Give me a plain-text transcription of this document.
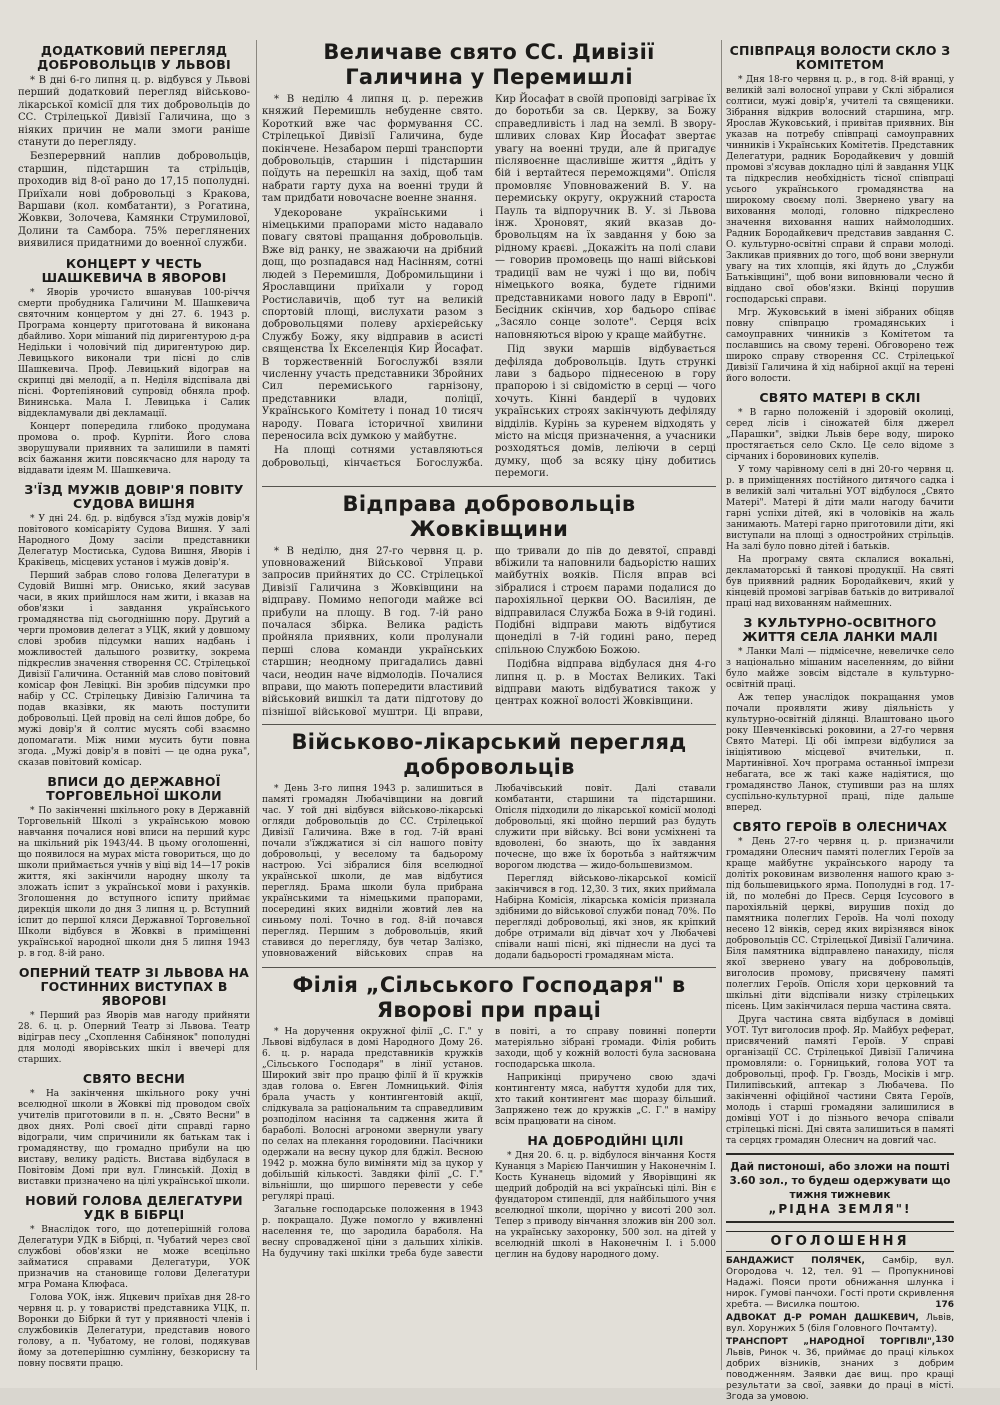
ДОДАТКОВИЙ ПЕРЕГЛЯД ДОБРОВОЛЬЦІВ У ЛЬВОВІ

* В дні 6-го липня ц. р. відбувся у Львові перший додатковий перегляд військово-лікарської комісії для тих добровольців до СС. Стрілецької Дивізії Галичина, що з ніяких причин не мали змоги раніше станути до перегляду.

Безперервний наплив добровольців, старшин, підстаршин та стрільців, проходив від 8-ої рано до 17,15 пополудні. Приїхали нові добровольці з Кракова, Варшави (кол. комбатанти), з Рогатина, Жовкви, Золочева, Камянки Струмилової, Долини та Самбора. 75% переглянених виявилися придатними до военної служби.

КОНЦЕРТ У ЧЕСТЬ ШАШКЕВИЧА В ЯВОРОВІ

* Яворів урочисто вшанував 100-річчя смерти пробудника Галичини М. Шашкевича святочним концертом у дні 27. 6. 1943 р. Програма концерту приготована й виконана дбайливо. Хори мішаний під диригентурою д-ра Недільки і чоловічий під диригентурою дир. Левицького виконали три пісні до слів Шашкевича. Проф. Левицький відограв на скрипці дві мелодії, а п. Неділя відспівала дві пісні. Фортепіяновий супровід обняла проф. Вининська. Мала І. Левицька і Салик віддекламували дві декламації.

Концерт попередила глибоко продумана промова о. проф. Курпіти. Його слова зворушували приявних та залишили в памяті всіх бажання жити повсякчасно для народу та віддавати ідеям М. Шашкевича.

З'ЇЗД МУЖІВ ДОВІР'Я ПОВІТУ СУДОВА ВИШНЯ

* У дні 24. 6д. р. відбувся з'їзд мужів довір'я повітового комісаріяту Судова Вишня. У залі Народного Дому засіли представники Делегатур Мостиська, Судова Вишня, Яворів і Краківець, місцевих установ і мужів довір'я.

Перший забрав слово голова Делегатури в Судовій Вишні мгр. Онисько, який засував часи, в яких прийшлося нам жити, і вказав на обов'язки і завдання українського громадянства під сьогоднішню пору. Другий а черги промовив делегат з УЦК, який у довшому слові зробив підсумки наших надбань і можливостей дальшого розвитку, зокрема підкреслив значення створення СС. Стрілецької Дивізії Галичина. Останній мав слово повітовий комісар фон Левіцкі. Він зробив підсумки про набір у СС. Стрілецьку Дивізію Галичина та подав вказівки, як мають поступити добровольці. Цей провід на селі йшов добре, бо мужі довір'я й солтис мусять собі взаємно допомагати. Між ними мусить бути повна згода. „Мужі довір'я в повіті — це одна рука", сказав повітовий комісар.

ВПИСИ ДО ДЕРЖАВНОЇ ТОРГОВЕЛЬНОЇ ШКОЛИ

* По закінченні шкільного року в Державній Торговельній Школі з українською мовою навчання почалися нові вписи на перший курс на шкільний рік 1943/44. В цьому оголошенні, що появилося на мурах міста говориться, що до школи приймається учнів у віці від 14—17 років життя, які закінчили народну школу та зложать іспит з української мови і рахунків. Зголошення до вступного іспиту приймає дирекція школи до дня 3 липня ц. р. Вступний іспит до першої кляси Державної Торговельної Школи відбувся в Жовкві в приміщенні української народної школи дня 5 липня 1943 р. в год. 8-ій рано.

ОПЕРНИЙ ТЕАТР ЗІ ЛЬВОВА НА ГОСТИННИХ ВИСТУПАХ В ЯВОРОВІ

* Перший раз Яворів мав нагоду прийняти 28. 6. ц. р. Оперний Театр зі Львова. Театр відіграв песу „Схоплення Сабінянок" пополудні для молоді яворівських шкіл і ввечері для старших.

СВЯТО ВЕСНИ

* На закінчення шкільного року учні вселюдної школи в Жовкві під проводом своїх учителів приготовили в п. н. „Свято Весни" в двох днях. Ролі своєї діти справді гарно відограли, чим спричинили як батькам так і громадянству, що громадно прибули на цю виставу, велику радість. Вистава відбулася в Повітовім Домі при вул. Глинській. Дохід в виставки призначено на цілі української школи.

НОВИЙ ГОЛОВА ДЕЛЕГАТУРИ УДК В БІБРЦІ

* Внаслідок того, що дотеперішній голова Делегатури УДК в Бібрці, п. Чубатий через свої службові обов'язки не може всецільно займатися справами Делегатури, УОК призначив на становище голови Делегатури мгра Романа Клюфаса.

Голова УОК, інж. Яцкевич приїхав дня 28-го червня ц. р. у товаристві представника УЦК, п. Воронки до Бібрки й тут у приявності членів і службовиків Делегатури, представив нового голову, а п. Чубатому, не голові, подякував йому за дотеперішню сумлінну, безкорисну та повну посвяти працю.

Величаве свято СС. Дивізії Галичина у Перемишлі

* В неділю 4 липня ц. р. пережив княжий Перемишль небуденне свято. Короткий вже час формування СС. Стрілецької Дивізії Галичина, буде покінчене. Незабаром перші транспорти добровольців, старшин і підстаршин поїдуть на перешкіл на захід, щоб там набрати гарту духа на военні труди й там придбати новочасне военне знання.

Удекороване українськими і німецькими прапорами місто надавало повагу святові пращання добровольців. Вже від ранку, не зважаючи на дрібний дощ, що розпадався над Насінням, сотні людей з Перемишля, Добромильщини і Ярославщини приїхали у город Ростиславичів, щоб тут на великій спортовій площі, вислухати разом з добровольцями полеву архієрейську Службу Божу, яку відправив в асисті священства Їх Екселенція Кир Йосафат. В торжественній Богослужбі взяли численну участь представники Збройних Сил перемиського гарнізону, представники влади, поліції, Українського Комітету і понад 10 тисяч народу. Повага історичної хвилини переносила всіх думкою у майбутнє.

На площі сотнями уставляються добровольці, кінчається Богослужба. Кир Йосафат в своїй проповіді загріває їх до боротьби за св. Церкву, за Божу справедливість і лад на землі. В зворушливих словах Кир Йосафат звертає увагу на военні труди, але й пригадує післявоєнне щасливіше життя „йдіть у бій і вертайтеся переможцями". Опісля промовляє Уповноважений В. У. на перемиську округу, окружний староста Пауль та відпоручник В. У. зі Львова інж. Хроновят, який вказав добровольцям на їх завдання у бою за рідному краєві. „Докажіть на полі слави — говорив промовець що наші військові традиції вам не чужі і що ви, побіч німецького вояка, будете гідними представниками нового ладу в Европі". Бесідник скінчив, хор бадьоро співає „Засяло сонце золоте". Серця всіх наповняються вірою у краще майбутнє.

Під звуки маршів відбувається дефіляда добровольців. Ідуть стрункі лави з бадьоро піднесеною в гору прапорою і зі свідомістю в серці — чого хочуть. Кінні бандерії в чудових українських строях закінчують дефіляду відділів. Курінь за куренем відходять у місто на місця призначення, а учасники розходяться домів, леліючи в серці думку, щоб за всяку ціну добитись перемоги.

Відправа добровольців Жовківщини

* В неділю, дня 27-го червня ц. р. уповноважений Військової Управи запросив прийнятих до СС. Стрілецької Дивізії Галичина з Жовківщини на відправу. Помимо непогоди майже всі прибули на площу. В год. 7-ій рано почалася збірка. Велика радість пройняла приявних, коли пролунали перші слова команди українських старшин; неодному пригадались давні часи, неодин наче відмолодів. Почалися вправи, що мають попередити властивий військовий вишкіл та дати підготову до пізнішої військової муштри. Ці вправи, що тривали до пів до девятої, справді вбіжили та наповнили бадьорістю наших майбутніх вояків. Після вправ всі зібралися і строєм парами подалися до парохіяльної церкви ОО. Василіян, де відправилася Служба Божа в 9-ій годині. Подібні відправи мають відбутися щонеділі в 7-ій годині рано, перед спільною Службою Божою.

Подібна відправа відбулася дня 4-го липня ц. р. в Мостах Великих. Такі відправи мають відбуватися також у центрах кожної волості Жовківщини.

Військово-лікарський перегляд добровольців

* День 3-го липня 1943 р. залишиться в памяті громадян Любачівщини на довгий час. У той дні відбувся військово-лікарські огляди добровольців до СС. Стрілецької Дивізії Галичина. Вже в год. 7-ій врані почали з'їжджатися зі сіл нашого повіту добровольці, у веселому та бадьорому настрою. Усі зібралися біля вселюдної української школи, де мав відбутися перегляд. Брама школи була прибрана українськими та німецькими прапорами, посередині яких видніли жовтий лев на синьому полі. Точно в год. 8-ій почався перегляд. Першим з добровольців, який ставився до перегляду, був четар Залізко, уповноважений військових справ на Любачівський повіт. Далі ставали комбатанти, старшини та підстаршини. Опісля підходили до лікарської комісії молоді добровольці, які щойно перший раз будуть служити при війську. Всі вони усміхнені та вдоволені, бо знають, що їх завдання почесне, що вже їх боротьба з найтяжчим ворогом людства — жидо-большевизмом.

Перегляд військово-лікарської комісії закінчився в год. 12,30. З тих, яких приймала Набірна Комісія, лікарська комісія признала здібними до військової служби понад 70%. По перегляді добровольці, які знов, як кріпкий добре отримали від дівчат хоч у Любачеві співали наші пісні, які піднесли на дусі та додали бадьорості громадянам міста.

Філія „Сільського Господаря" в Яворові при праці

* На доручення окружної філії „С. Г." у Львові відбулася в домі Народного Дому 26. 6. ц. р. нарада представників кружків „Сільського Господаря" в лінії установ. Широкий звіт про працю філії й її кружків здав голова о. Евген Ломницький. Філія брала участь у контингентовій акції, слідкувала за раціональним та справедливим розподілом насіння та садження жита й бараболі. Волосні агрономи звернули увагу по селах на плекання городовини. Пасічники одержали на весну цукор для бджіл. Весною 1942 р. можна було виміняти мід за цукор у добільшій кількості. Завдяки філії „С. Г." вільнішли, що ширшого перевести у себе регулярі праці.

Загальне господарське положення в 1943 р. покращало. Дуже помогло у вживленні населення те, що зародила бараболя. На весну спровадженої ціни з дальших хіліків. На будучину такі шкілки треба буде завести в повіті, а то справу повинні поперти матеріяльно зібрані громади. Філія робить заходи, щоб у кожній волості була заснована господарська школа.

Наприкінці приручено свою здачі контингенту мяса, набуття худоби для тих, хто такий контингент має щоразу більший. Запряжено теж до кружків „С. Г." в наміру всім працювати на сіном.

НА ДОБРОДІЙНІ ЦІЛІ

* Дня 20. 6. ц. р. відбулося вінчання Костя Кунанця з Марією Панчишин у Наконечнім I. Кость Кунанець відомий у Яворівщині як щедрий добродій на всі українські цілі. Він є фундатором стипендії, для найбільшого учня вселюдної школи, щорічно у висоті 200 зол. Тепер з приводу вінчання зложив він 200 зол. на українську захоронку, 500 зол. на дітей у вселюдній школі в Наконечнім I. і 5.000 цеглин на будову народного дому.

СПІВПРАЦЯ ВОЛОСТИ СКЛО З КОМІТЕТОМ

* Дня 18-го червня ц. р., в год. 8-ій вранці, у великій залі волосної управи у Склі зібралися солтиси, мужі довір'я, учителі та священики. Зібрання відкрив волосний старшина, мгр. Ярослав Жуковський, і привітав приявних. Він указав на потребу співпраці самоуправних чинників і Українських Комітетів. Представник Делегатури, радник Бородайкевич у довшій промові з'ясував докладно цілі й завдання УЦК та підкреслив необхідність тісної співпраці усього українського громадянства на широкому своєму полі. Звернено увагу на виховання молоді, головно підкреслено значення виховання наших наймолодших. Радник Бородайкевич представив завдання С. О. культурно-освітні справи й справи молоді. Закликав приявних до того, щоб вони звернули увагу на тих хлопців, які йдуть до „Служби Батьківщині", щоб вони виповнювали чесно й віддано свої обов'язки. Вкінці порушив господарські справи.

Мгр. Жуковський в імені зібраних обіцяв повну співпрацю громадянських і самоуправних чинників з Комітетом та пославшись на свому терені. Обговорено теж широко справу створення СС. Стрілецької Дивізії Галичина й хід набірної акції на терені його волости.

СВЯТО МАТЕРІ В СКЛІ

* В гарно положеній і здоровій околиці, серед лісів і сіножатей біля джерел „Парашки", звідки Львів бере воду, широко простягається село Скло. Це село відоме з сірчаних і боровинових купелів.

У тому чарівному селі в дні 20-го червня ц. р. в приміщеннях постійного дитячого садка і в великій залі читальні УОТ відбулося „Свято Матері". Матері й діти мали нагоду бачити гарні успіхи дітей, які в чоловіків на жаль занимають. Матері гарно приготовили діти, які виступали на площі з одностройних стрільців. На залі було повно дітей і батьків.

На програму свята склалися вокальні, декламаторські й танкові продукції. На святі був приявний радник Бородайкевич, який у кінцевій промові загрівав батьків до витривалої праці над вихованням наймешних.

З КУЛЬТУРНО-ОСВІТНОГО ЖИТТЯ СЕЛА ЛАНКИ МАЛІ

* Ланки Малі — підмісечне, невеличке село з національно мішаним населенням, до війни було майже зовсім відстале в культурно-освітній праці.

Аж тепер унаслідок покращання умов почали проявляти живу діяльність у культурно-освітній ділянці. Влаштовано цього року Шевченківські роковини, а 27-го червня Свято Матері. Ці обі імпрези відбулися за ініціятивою місцевої вчительки, п. Мартинівної. Хоч програма останньої імпрези небагата, все ж такі каже надіятися, що громадянство Ланок, ступивши раз на шлях суспільно-культурної праці, піде дальше вперед.

СВЯТО ГЕРОЇВ В ОЛЕСНИЧАХ

* День 27-го червня ц. р. призначили громадяни Олеснич памяті полеглих Героїв за краще майбутнє українського народу та долітіх роковинам визволення нашого краю з-під большевицького ярма. Пополудні в год. 17-ій, по молебні до Пресв. Серця Ісусового в парохіяльній церкві, вирушив похід до памятника полеглих Героїв. На чолі походу несено 12 вінків, серед яких вирізнявся вінок добровольців СС. Стрілецької Дивізії Галичина. Біля памятника відправлено панахиду, після якої звернено увагу на добровольців, виголосив промову, присвячену памяті полеглих Героїв. Опісля хори церковний та шкільні діти відспівали низку стрілецьких пісень. Цим закінчилася перша частина свята.

Друга частина свята відбулася в домівці УОТ. Тут виголосив проф. Яр. Майбух реферат, присвячений памяті Героїв. У справі організації СС. Стрілецької Дивізії Галичина промовляли: о. Горницький, голова УОТ та добровольці, проф. Гр. Гвоздь, Мосіків і мгр. Пилипівський, аптекар з Любачева. По закінченні офіційної частини Свята Героїв, молодь і старші громадяни залишилися в домівці УОТ і до пізнього вечора співали стрілецькі пісні. Дні свята залишиться в памяті та серцях громадян Олеснич на довгий час.

Дай пистоноші, або зложи на пошті
3.60 зол., то будеш одержувати що
тижня тижневик
„РІДНА ЗЕМЛЯ"!
ОГОЛОШЕННЯ
БАНДАЖИСТ ПОЛЯЧЕК, Самбір, вул. Огородова ч. 12, тел. 91 — Пропукнинові Надажі. Пояси проти обнижання шлунка і нирок. Гумові панчохи. Гості проти скривлення хребта. — Висилка поштою.	176
АДВОКАТ Д-Р РОМАН ДАШКЕВИЧ, Львів, вул. Хорунжих 5 (біля Головного Почтамту).
130
ТРАНСПОРТ „НАРОДНОЇ ТОРГІВЛІ", Львів, Ринок ч. 36, приймає до праці кількох добрих візників, знаних з добрим поводженням. Заявки дає вищ. про кращі результати за свої, заявки до праці в місті. Згода за умовою.
